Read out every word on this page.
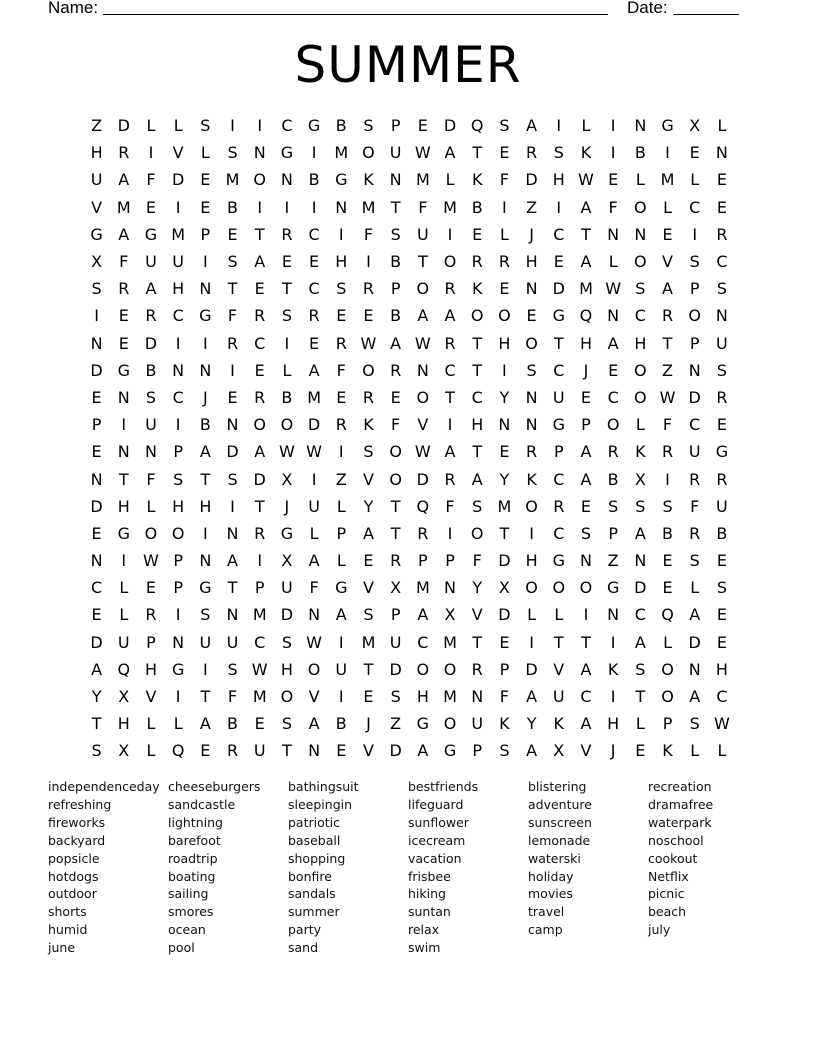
Name:	Date:
SUMMER
Z D	L	L	S	I	I	C G B	S	P	E D Q S	A	I	L	I	N G X	L
H R	I	V	L	S	N G	I	M O U W A	T	E	R	S	K	I	B	I	E	N
U A	F	D E M O N B G K N M L	K	F	D H W E	L M L	E
V M E	I	E	B	I	I	I	N M T	F M B	I	Z	I	A	F	O	L	C	E
G A G M P	E	T	R	C	I	F	S	U	I	E	L	J	C	T	N N	E	I	R
X	F	U U	I	S	A	E	E	H	I	B	T	O R	R H	E	A	L	O V	S	C
S	R	A H N	T	E	T	C	S	R	P	O R	K	E	N D M W S	A	P	S
I	E	R	C G	F	R	S	R	E	E	B	A	A O O E G Q N C	R O N
N	E D	I	I	R	C	I	E	R W A W R	T	H O	T	H A H	T	P	U
D G B N N	I	E	L	A	F	O R N C	T	I	S	C	J	E O Z N	S
E	N	S	C	J	E	R	B M E	R	E O	T	C	Y	N U	E	C O W D R
P	I	U	I	B N O O D R	K	F	V	I	H N N G	P	O	L	F	C	E
E	N N	P	A D A W W	I	S O W A	T	E	R	P	A	R	K	R U G
N	T	F	S	T	S D X	I	Z	V O D R	A	Y	K	C	A	B	X	I	R	R
D H	L	H H	I	T	J	U	L	Y	T	Q	F	S M O R	E	S	S	S	F	U
E G O O	I	N R G	L	P	A	T	R	I	O	T	I	C	S	P	A	B	R	B
N	I	W P	N A	I	X	A	L	E	R	P	P	F	D H G N Z N	E	S	E
C	L	E	P	G	T	P	U	F	G V	X M N	Y	X O O O G D E	L	S
E	L	R	I	S	N M D N A	S	P	A	X	V D	L	L	I	N C Q A	E
D U	P	N U U C	S W	I	M U C M T	E	I	T	T	I	A	L	D E
A Q H G	I	S W H O U	T	D O O R	P	D V	A	K	S O N H
Y	X	V	I	T	F M O V	I	E	S	H M N	F	A U C	I	T	O A	C
T	H	L	L	A	B	E	S	A	B	J	Z G O U	K	Y	K	A H	L	P	S W
S	X	L	Q E	R U	T	N	E	V D A G	P	S	A	X	V	J	E	K	L	L
independenceday
refreshing
fireworks
backyard
popsicle
hotdogs
outdoor
shorts
humid
june
cheeseburgers
sandcastle
lightning
barefoot
roadtrip
boating
sailing
smores
ocean
pool
bathingsuit
sleepingin
patriotic
baseball
shopping
bonfire
sandals
summer
party
sand
bestfriends
lifeguard
sunflower
icecream
vacation
frisbee
hiking
suntan
relax
swim
blistering
adventure
sunscreen
lemonade
waterski
holiday
movies
travel
camp
recreation
dramafree
waterpark
noschool
cookout
Netflix
picnic
beach
july
